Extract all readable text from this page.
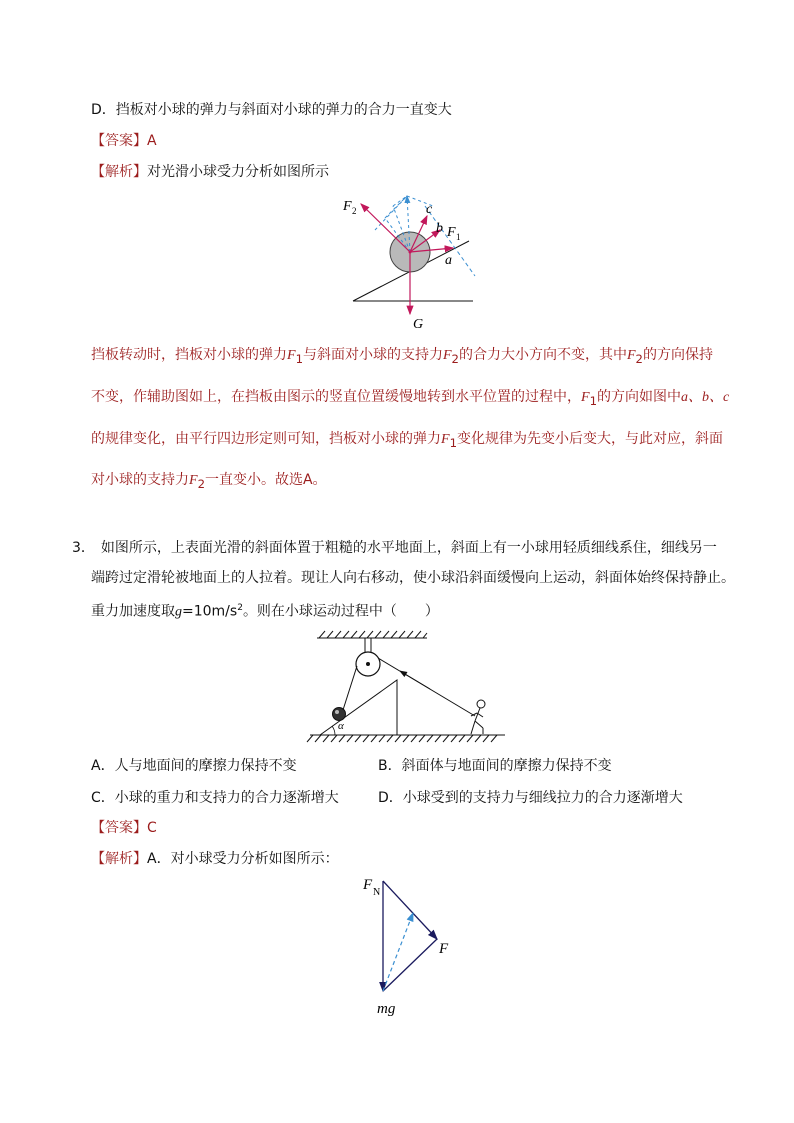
D．挡板对小球的弹力与斜面对小球的弹力的合力一直变大
【答案】A
【解析】对光滑小球受力分析如图所示
F 2	c
b F 1
a
G
挡板转动时，挡板对小球的弹力$F_1$与斜面对小球的支持力$F_2$的合力大小方向不变，其中$F_2$的方向保持
不变，作辅助图如上，在挡板由图示的竖直位置缓慢地转到水平位置的过程中，$F_1$的方向如图中a、b、c
的规律变化，由平行四边形定则可知，挡板对小球的弹力$F_1$变化规律为先变小后变大，与此对应，斜面
对小球的支持力$F_2$一直变小。故选A。
3． 如图所示，上表面光滑的斜面体置于粗糙的水平地面上，斜面上有一小球用轻质细线系住，细线另一
端跨过定滑轮被地面上的人拉着。现让人向右移动，使小球沿斜面缓慢向上运动，斜面体始终保持静止。
重力加速度取$g=10m/s^2$。则在小球运动过程中（　　）
α
A．人与地面间的摩擦力保持不变	B．斜面体与地面间的摩擦力保持不变
C．小球的重力和支持力的合力逐渐增大	D．小球受到的支持力与细线拉力的合力逐渐增大
【答案】C
【解析】A．对小球受力分析如图所示：
F N
F
mg
